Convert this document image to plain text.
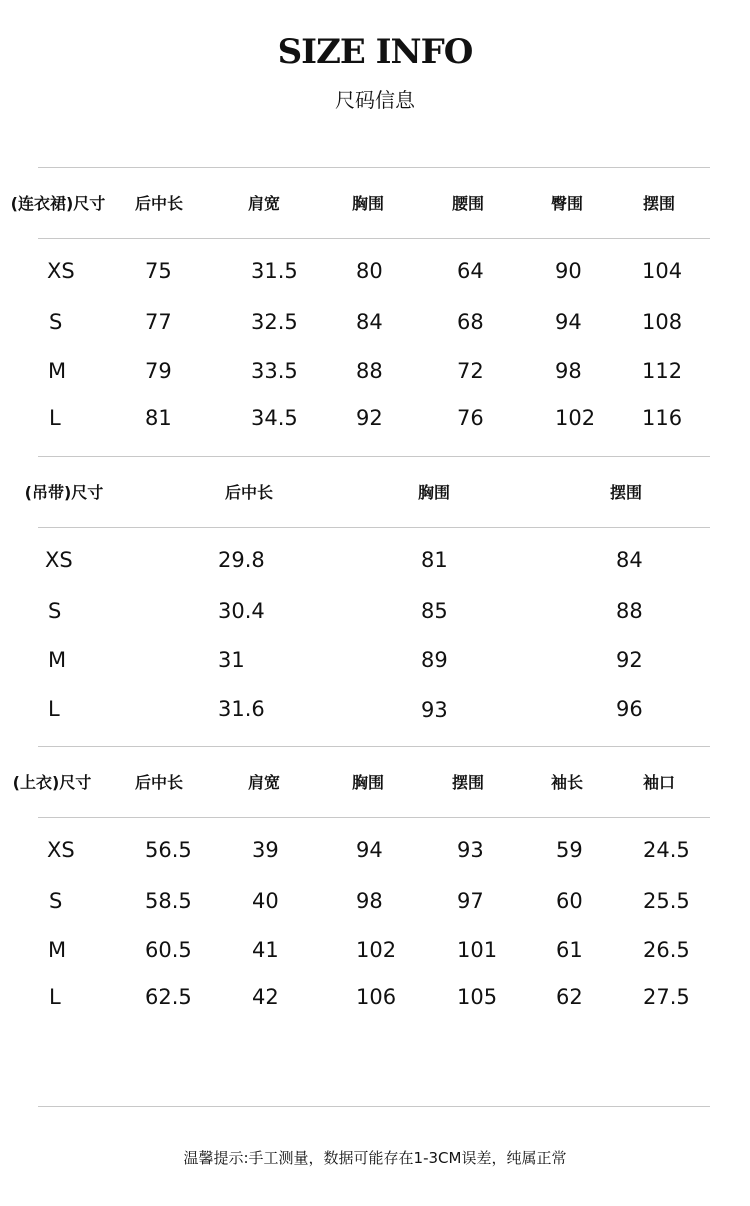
SIZE INFO
尺码信息
(连衣裙)尺寸 后中长	肩宽	胸围	腰围	臀围	摆围
XS	75	31.5	80	64	90	104
S	77	32.5	84	68	94	108
M	79	33.5	88	72	98	112
L	81	34.5	92	76	102 116
(吊带)尺寸	后中长	胸围	摆围
XS	29.8	81	84
S	30.4	85	88
M	31	89	92
L	31.6	93	96
(上衣)尺寸	后中长	肩宽	胸围	摆围	袖长	袖口
XS	56.5	39	94	93	59	24.5
S	58.5	40	98	97	60	25.5
M	60.5	41	102	101	61	26.5
L	62.5	42	106	105	62	27.5
温馨提示:手工测量，数据可能存在1-3CM误差，纯属正常
